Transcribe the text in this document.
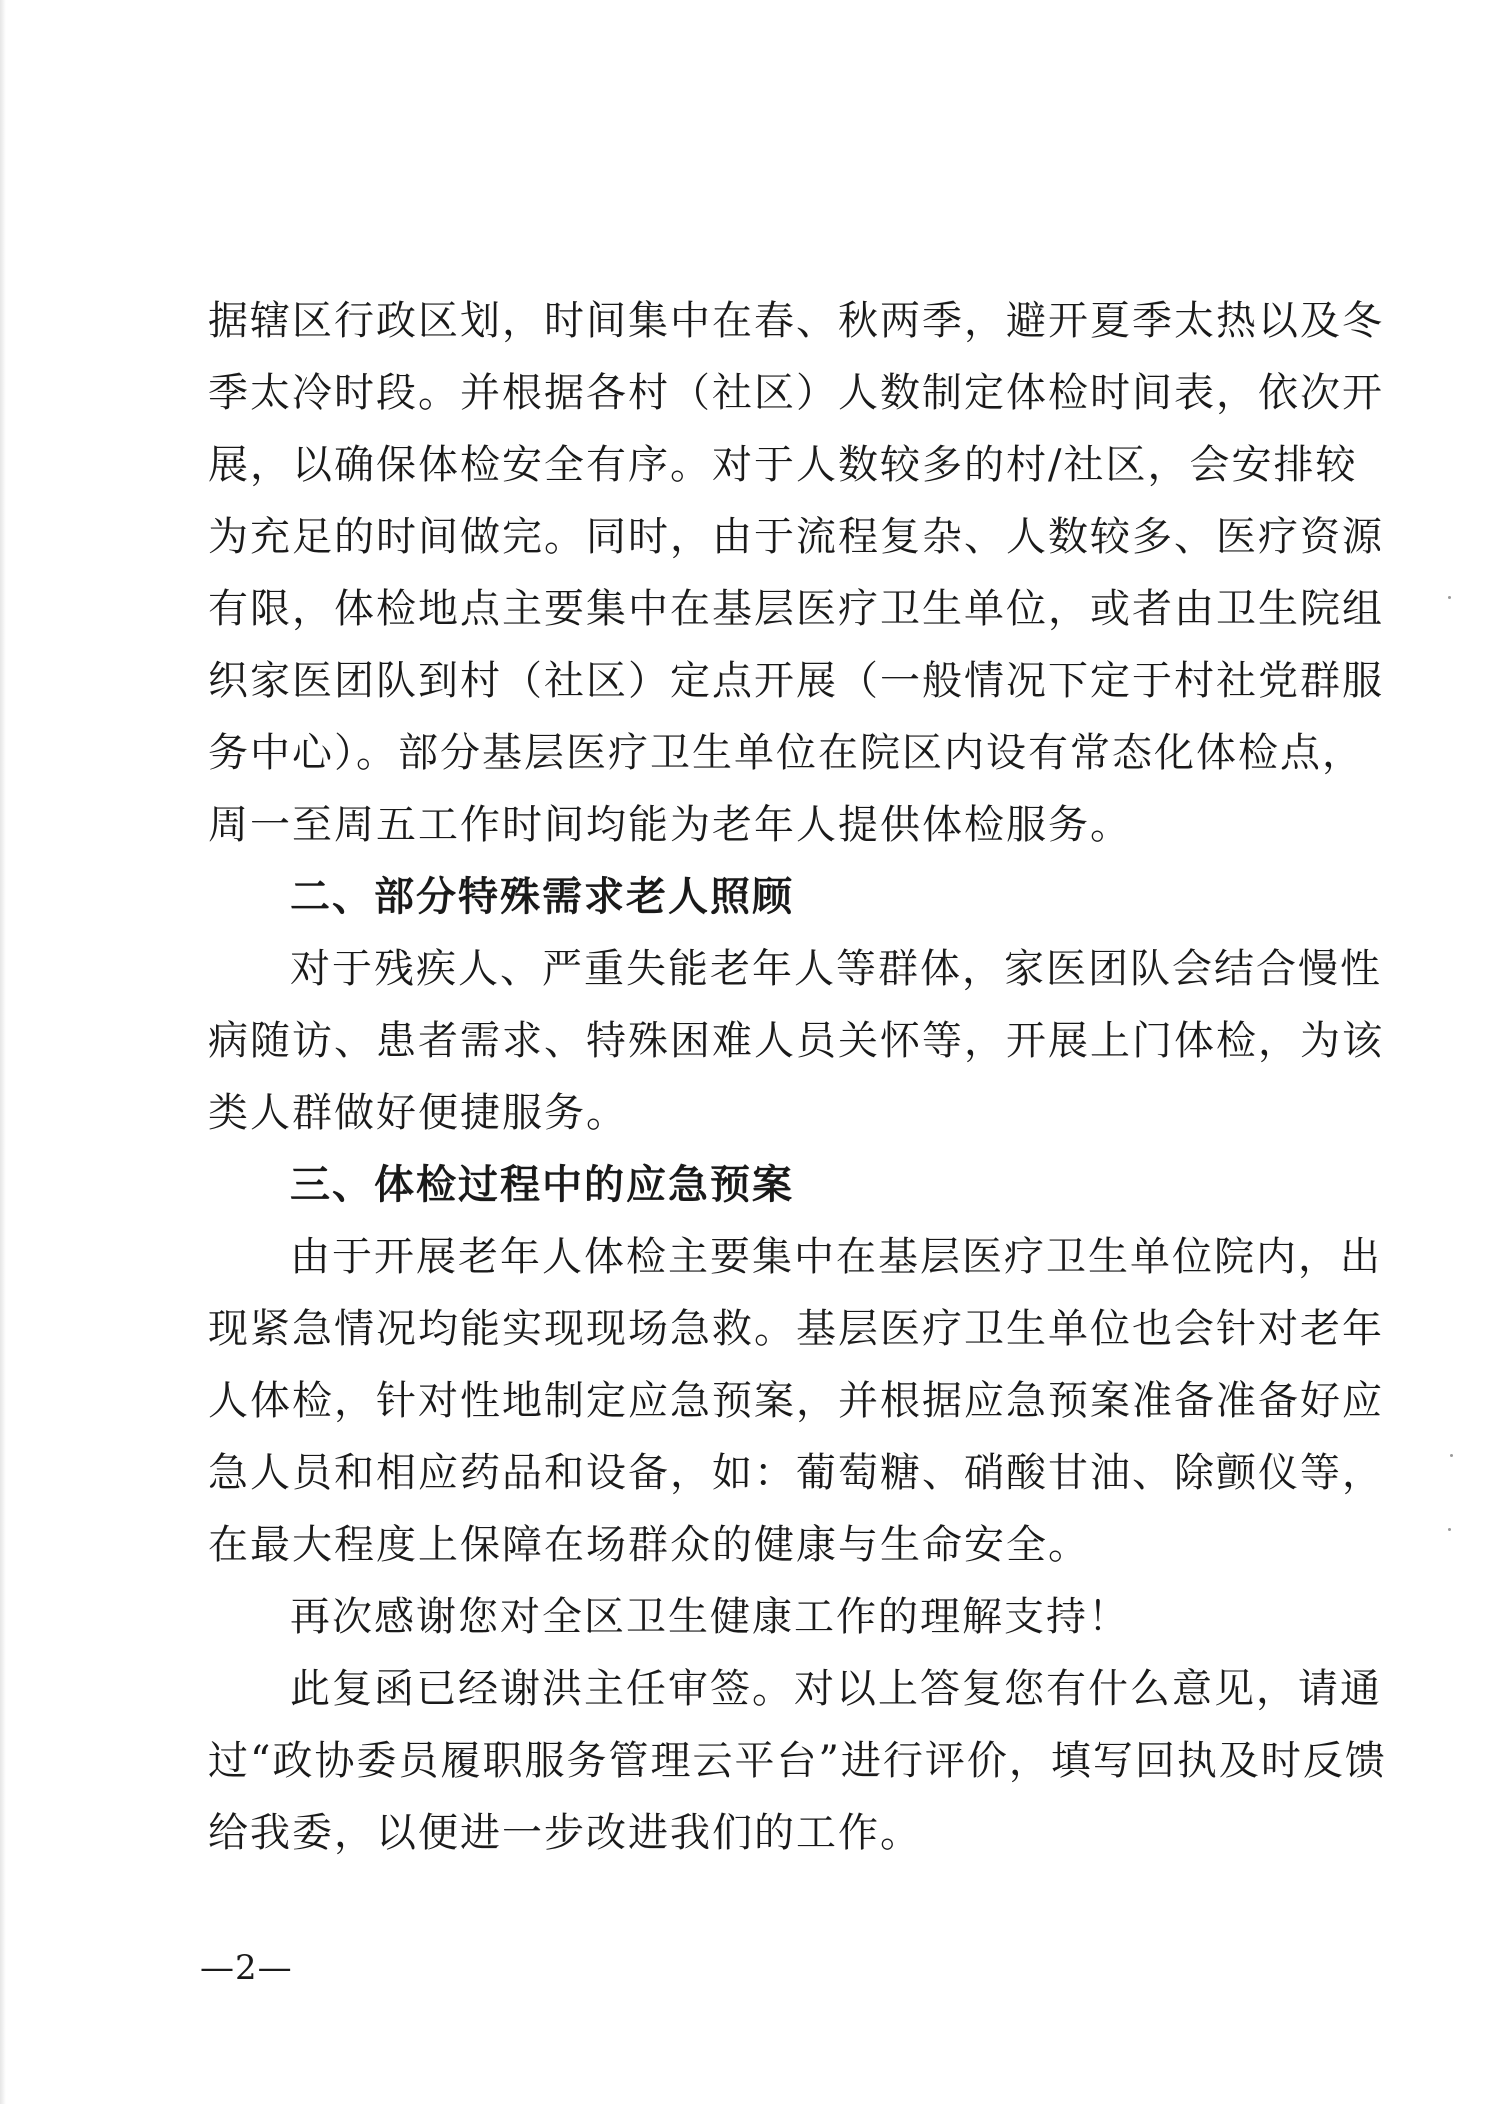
据辖区行政区划，时间集中在春、秋两季，避开夏季太热以及冬
季太冷时段。并根据各村（社区）人数制定体检时间表，依次开
展，以确保体检安全有序。对于人数较多的村/社区，会安排较
为充足的时间做完。同时，由于流程复杂、人数较多、医疗资源
有限，体检地点主要集中在基层医疗卫生单位，或者由卫生院组
织家医团队到村（社区）定点开展（一般情况下定于村社党群服
务中心）。部分基层医疗卫生单位在院区内设有常态化体检点，
周一至周五工作时间均能为老年人提供体检服务。
二、部分特殊需求老人照顾
对于残疾人、严重失能老年人等群体，家医团队会结合慢性
病随访、患者需求、特殊困难人员关怀等，开展上门体检，为该
类人群做好便捷服务。
三、体检过程中的应急预案
由于开展老年人体检主要集中在基层医疗卫生单位院内，出
现紧急情况均能实现现场急救。基层医疗卫生单位也会针对老年
人体检，针对性地制定应急预案，并根据应急预案准备准备好应
急人员和相应药品和设备，如：葡萄糖、硝酸甘油、除颤仪等，
在最大程度上保障在场群众的健康与生命安全。
再次感谢您对全区卫生健康工作的理解支持！
此复函已经谢洪主任审签。对以上答复您有什么意见，请通
过“政协委员履职服务管理云平台”进行评价，填写回执及时反馈
给我委，以便进一步改进我们的工作。
—2—
